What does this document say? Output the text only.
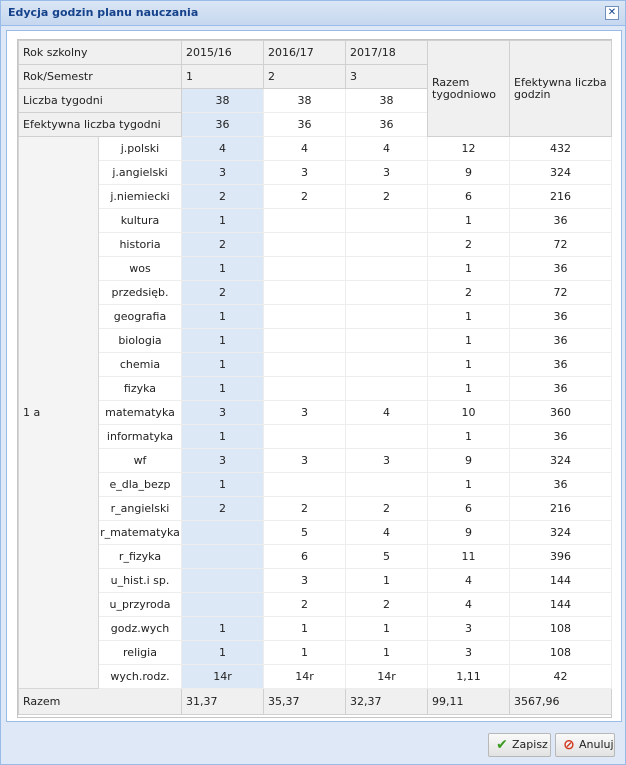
Edycja godzin planu nauczania	✕
Rok szkolny		2015/16	2016/17	2017/18	Razem tygodniowo	Efektywna liczba godzin
Rok/Semestr		1	2	3		
Liczba tygodni		38	38	38		
Efektywna liczba tygodni		36	36	36		
1 a	j.polski	4	4	4	12	432
	j.angielski	3	3	3	9	324
	j.niemiecki	2	2	2	6	216
	kultura	1			1	36
	historia	2			2	72
	wos	1			1	36
	przedsięb.	2			2	72
	geografia	1			1	36
	biologia	1			1	36
	chemia	1			1	36
	fizyka	1			1	36
	matematyka	3	3	4	10	360
	informatyka	1			1	36
	wf	3	3	3	9	324
	e_dla_bezp	1			1	36
	r_angielski	2	2	2	6	216
	r_matematyka		5	4	9	324
	r_fizyka		6	5	11	396
	u_hist.i sp.		3	1	4	144
	u_przyroda		2	2	4	144
	godz.wych	1	1	1	3	108
	religia	1	1	1	3	108
	wych.rodz.	14r	14r	14r	1,11	42
Razem		31,37	35,37	32,37	99,11	3567,96
✔ Zapisz ⊘ Anuluj
